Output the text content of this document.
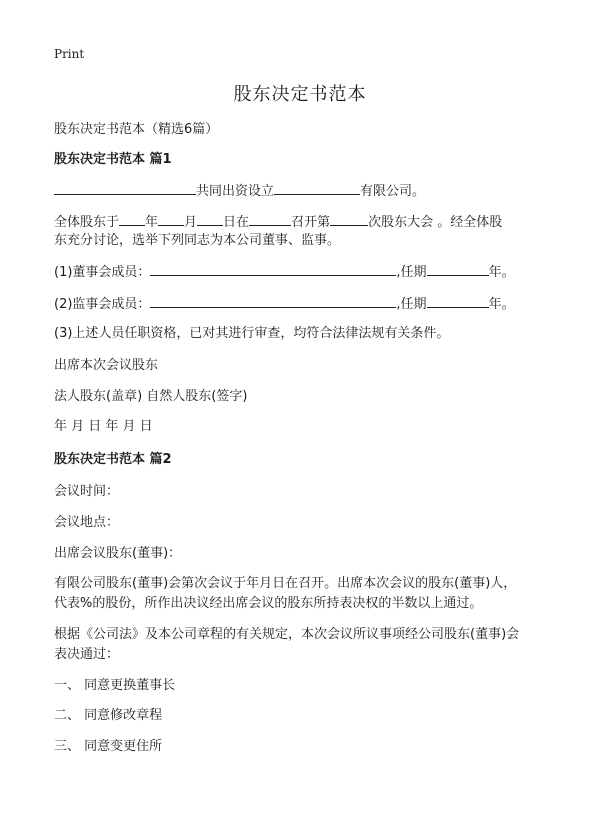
Print
股东决定书范本
股东决定书范本（精选6篇）
股东决定书范本 篇1
共同出资设立	有限公司。
全体股东于 年 月 日在	召开第	次股东大会 。经全体股
东充分讨论，选举下列同志为本公司董事、监事。
(1)董事会成员：	,任期	年。
(2)监事会成员：	,任期	年。
(3)上述人员任职资格，已对其进行审查，均符合法律法规有关条件。
出席本次会议股东
法人股东(盖章) 自然人股东(签字)
年 月 日 年 月 日
股东决定书范本 篇2
会议时间：
会议地点：
出席会议股东(董事)：
有限公司股东(董事)会第次会议于年月日在召开。出席本次会议的股东(董事)人，
代表%的股份，所作出决议经出席会议的股东所持表决权的半数以上通过。
根据《公司法》及本公司章程的有关规定，本次会议所议事项经公司股东(董事)会
表决通过：
一、 同意更换董事长
二、 同意修改章程
三、 同意变更住所
